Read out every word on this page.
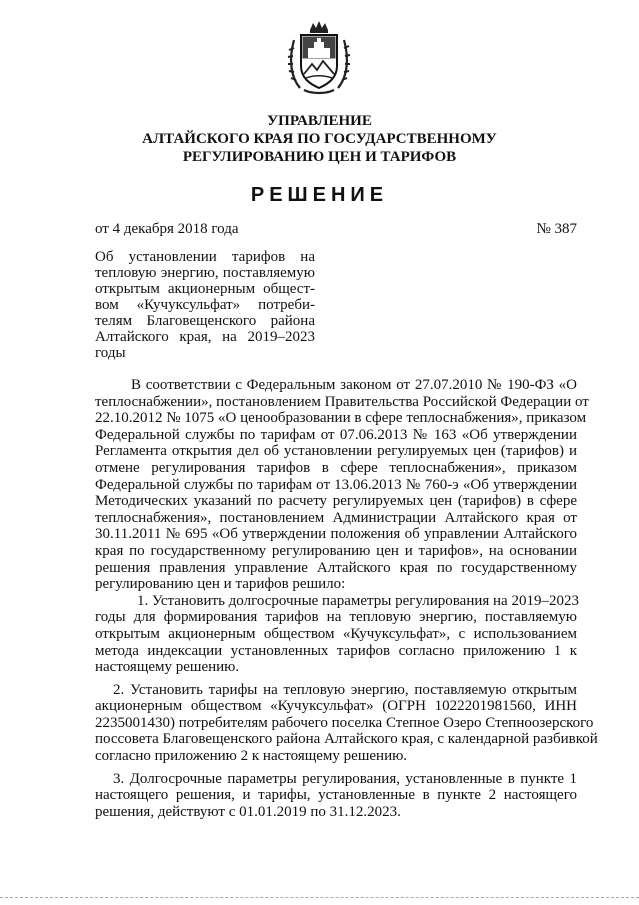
УПРАВЛЕНИЕ

АЛТАЙСКОГО КРАЯ ПО ГОСУДАРСТВЕННОМУ

РЕГУЛИРОВАНИЮ ЦЕН И ТАРИФОВ

РЕШЕНИЕ
от 4 декабря 2018 года	№ 387
Об установлении тарифов на
тепловую энергию, поставляемую
открытым акционерным общест-
вом «Кучуксульфат» потреби-
телям Благовещенского района
Алтайского края, на 2019–2023
годы
В соответствии с Федеральным законом от 27.07.2010 № 190-ФЗ «О
теплоснабжении», постановлением Правительства Российской Федерации от
22.10.2012 № 1075 «О ценообразовании в сфере теплоснабжения», приказом
Федеральной службы по тарифам от 07.06.2013 № 163 «Об утверждении
Регламента открытия дел об установлении регулируемых цен (тарифов) и
отмене регулирования тарифов в сфере теплоснабжения», приказом
Федеральной службы по тарифам от 13.06.2013 № 760-э «Об утверждении
Методических указаний по расчету регулируемых цен (тарифов) в сфере
теплоснабжения», постановлением Администрации Алтайского края от
30.11.2011 № 695 «Об утверждении положения об управлении Алтайского
края по государственному регулированию цен и тарифов», на основании
решения правления управление Алтайского края по государственному
регулированию цен и тарифов решило:
1. Установить долгосрочные параметры регулирования на 2019–2023
годы для формирования тарифов на тепловую энергию, поставляемую
открытым акционерным обществом «Кучуксульфат», с использованием
метода индексации установленных тарифов согласно приложению 1 к
настоящему решению.
2. Установить тарифы на тепловую энергию, поставляемую открытым
акционерным обществом «Кучуксульфат» (ОГРН 1022201981560, ИНН
2235001430) потребителям рабочего поселка Степное Озеро Степноозерского
поссовета Благовещенского района Алтайского края, с календарной разбивкой
согласно приложению 2 к настоящему решению.
3. Долгосрочные параметры регулирования, установленные в пункте 1
настоящего решения, и тарифы, установленные в пункте 2 настоящего
решения, действуют с 01.01.2019 по 31.12.2023.
